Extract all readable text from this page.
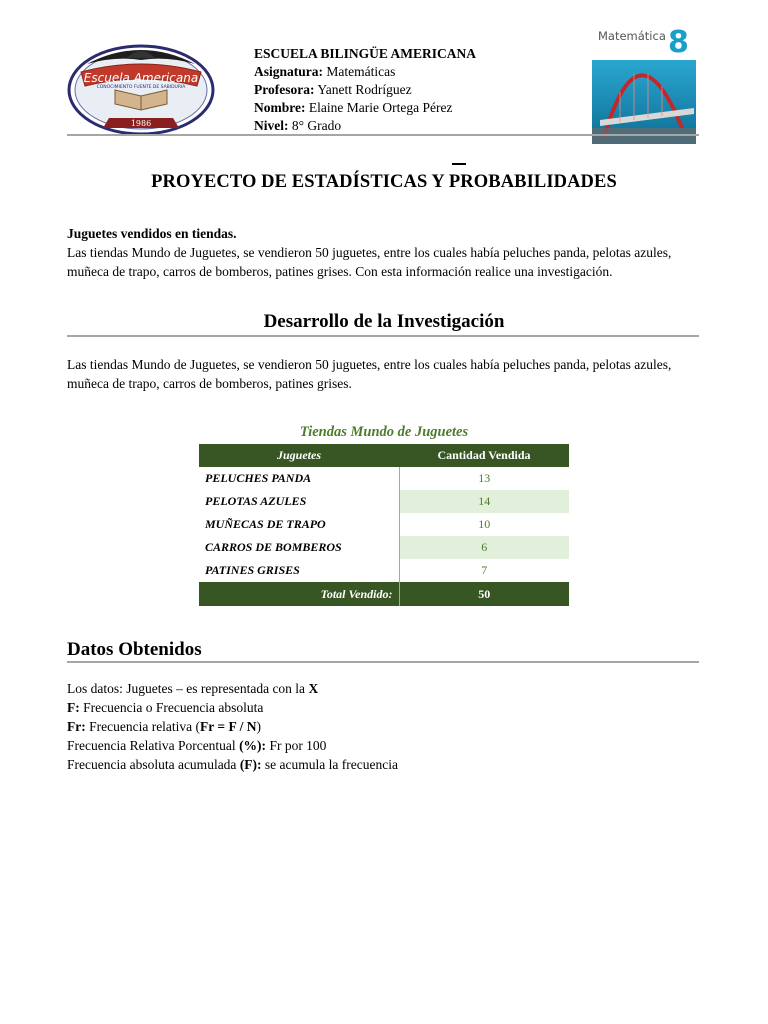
Escuela Americana
CONOCIMIENTO FUENTE DE SABIDURIA
1986
ESCUELA BILINGÜE AMERICANA
Asignatura: Matemáticas
Profesora: Yanett Rodríguez
Nombre: Elaine Marie Ortega Pérez
Nivel: 8° Grado
Matemática 8
PROYECTO DE ESTADÍSTICAS Y PROBABILIDADES
Juguetes vendidos en tiendas.
Las tiendas Mundo de Juguetes, se vendieron 50 juguetes, entre los cuales había peluches panda, pelotas azules, muñeca de trapo, carros de bomberos, patines grises. Con esta información realice una investigación.
Desarrollo de la Investigación
Las tiendas Mundo de Juguetes, se vendieron 50 juguetes, entre los cuales había peluches panda, pelotas azules, muñeca de trapo, carros de bomberos, patines grises.
Tiendas Mundo de Juguetes
Juguetes	Cantidad Vendida
PELUCHES PANDA	13
PELOTAS AZULES	14
MUÑECAS DE TRAPO	10
CARROS DE BOMBEROS	6
PATINES GRISES	7
Total Vendido:	50
Datos Obtenidos
Los datos: Juguetes – es representada con la X
F: Frecuencia o Frecuencia absoluta
Fr: Frecuencia relativa (Fr = F / N)
Frecuencia Relativa Porcentual (%): Fr por 100
Frecuencia absoluta acumulada (F): se acumula la frecuencia
